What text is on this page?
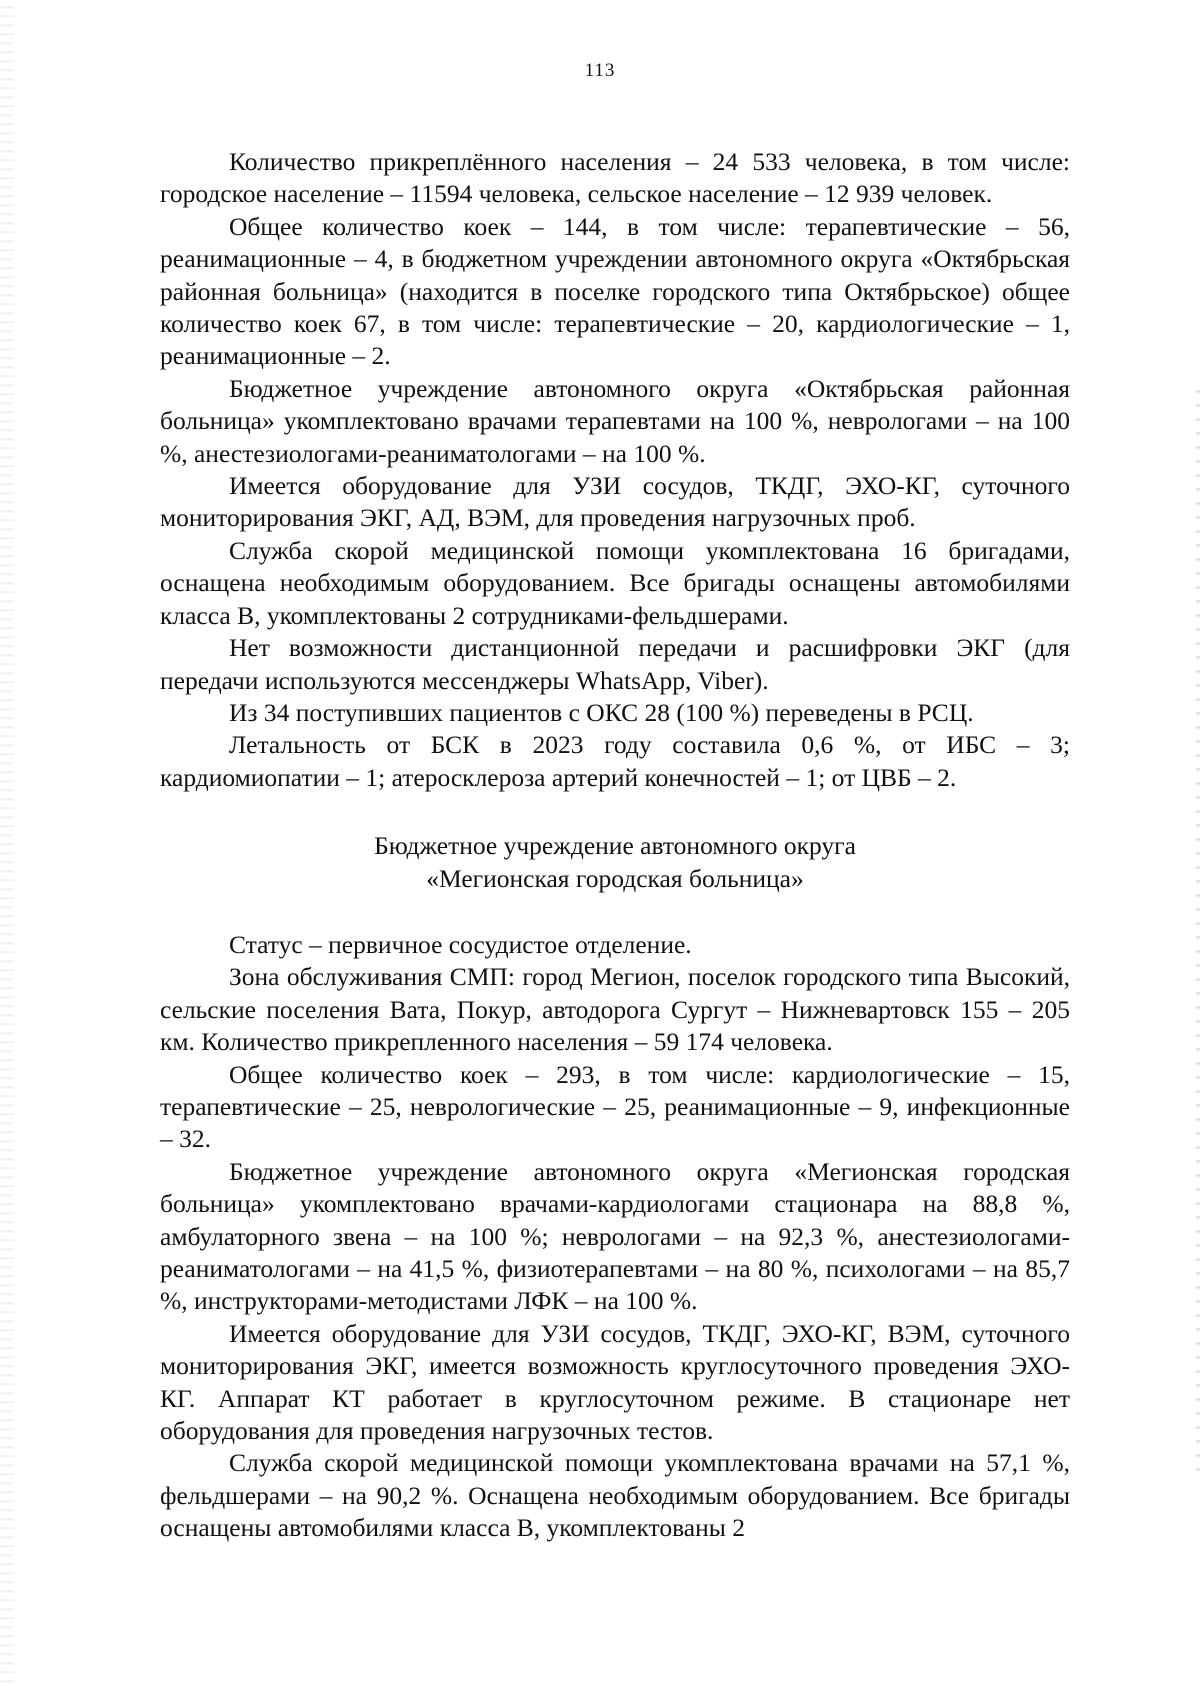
113

Количество прикреплённого населения – 24 533 человека, в том числе: городское население – 11594 человека, сельское население – 12 939 человек.

Общее количество коек – 144, в том числе: терапевтические – 56, реанимационные – 4, в бюджетном учреждении автономного округа «Октябрьская районная больница» (находится в поселке городского типа Октябрьское) общее количество коек 67, в том числе: терапевтические – 20, кардиологические – 1, реанимационные – 2.

Бюджетное учреждение автономного округа «Октябрьская районная больница» укомплектовано врачами терапевтами на 100 %, неврологами – на 100 %, анестезиологами-реаниматологами – на 100 %.

Имеется оборудование для УЗИ сосудов, ТКДГ, ЭХО-КГ, суточного мониторирования ЭКГ, АД, ВЭМ, для проведения нагрузочных проб.

Служба скорой медицинской помощи укомплектована 16 бригадами, оснащена необходимым оборудованием. Все бригады оснащены автомобилями класса В, укомплектованы 2 сотрудниками-фельдшерами.

Нет возможности дистанционной передачи и расшифровки ЭКГ (для передачи используются мессенджеры WhatsApp, Viber).

Из 34 поступивших пациентов с ОКС 28 (100 %) переведены в РСЦ.

Летальность от БСК в 2023 году составила 0,6 %, от ИБС – 3; кардиомиопатии – 1; атеросклероза артерий конечностей – 1; от ЦВБ – 2.

Бюджетное учреждение автономного округа
«Мегионская городская больница»

Статус – первичное сосудистое отделение.

Зона обслуживания СМП: город Мегион, поселок городского типа Высокий, сельские поселения Вата, Покур, автодорога Сургут – Нижневартовск 155 – 205 км. Количество прикрепленного населения – 59 174 человека.

Общее количество коек – 293, в том числе: кардиологические – 15, терапевтические – 25, неврологические – 25, реанимационные – 9, инфекционные – 32.

Бюджетное учреждение автономного округа «Мегионская городская больница» укомплектовано врачами-кардиологами стационара на 88,8 %, амбулаторного звена – на 100 %; неврологами – на 92,3 %, анестезиологами-реаниматологами – на 41,5 %, физиотерапевтами – на 80 %, психологами – на 85,7 %, инструкторами-методистами ЛФК – на 100 %.

Имеется оборудование для УЗИ сосудов, ТКДГ, ЭХО-КГ, ВЭМ, суточного мониторирования ЭКГ, имеется возможность круглосуточного проведения ЭХО-КГ. Аппарат КТ работает в круглосуточном режиме. В стационаре нет оборудования для проведения нагрузочных тестов.

Служба скорой медицинской помощи укомплектована врачами на 57,1 %, фельдшерами – на 90,2 %. Оснащена необходимым оборудованием. Все бригады оснащены автомобилями класса В, укомплектованы 2
